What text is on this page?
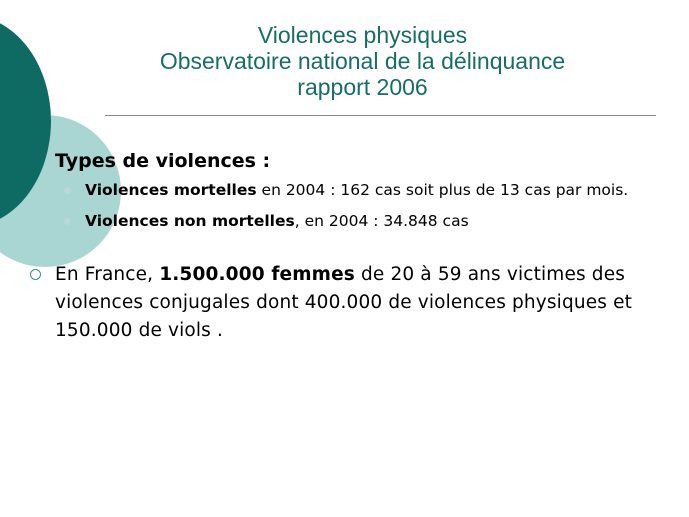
Violences physiques
Observatoire national de la délinquance
rapport 2006
Types de violences :
Violences mortelles en 2004 : 162 cas soit plus de 13 cas par mois.
Violences non mortelles, en 2004 : 34.848 cas
En France, 1.500.000 femmes de 20 à 59 ans victimes des violences conjugales dont 400.000 de violences physiques et 150.000 de viols .
